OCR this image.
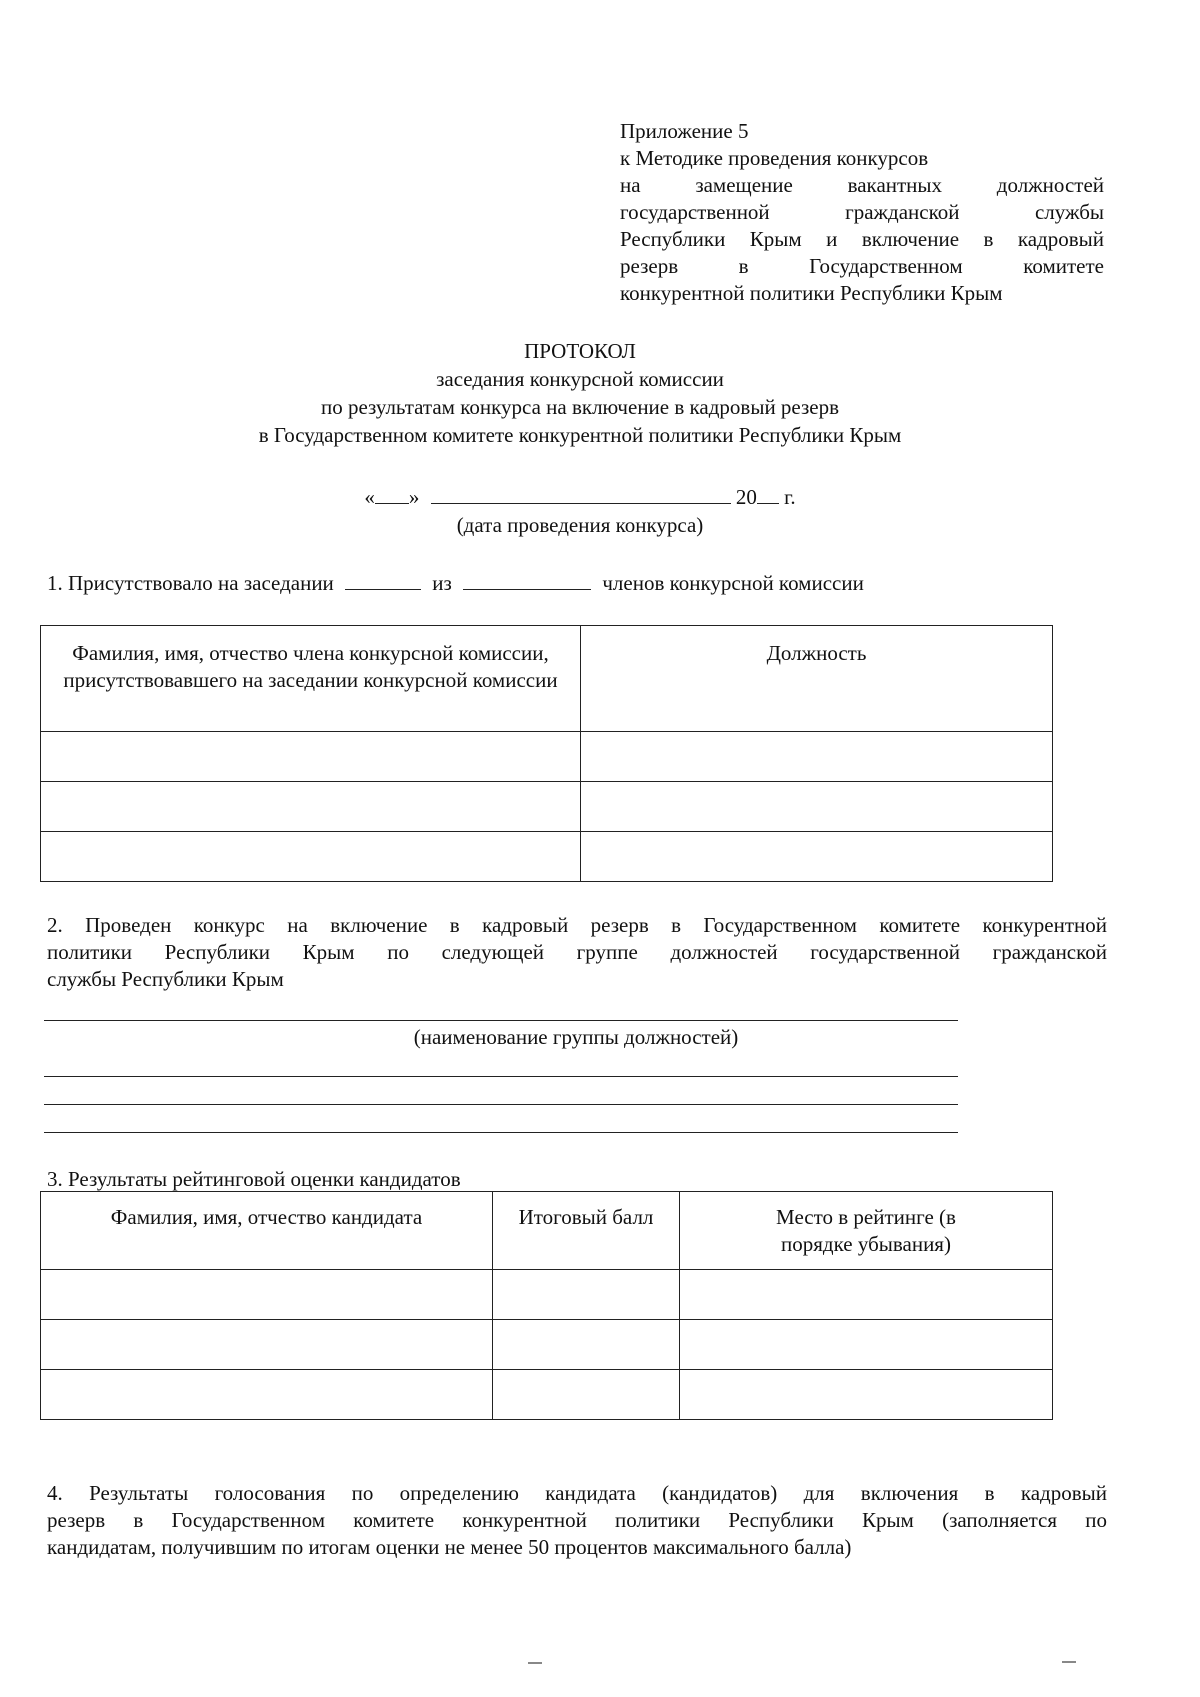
Приложение 5
к Методике проведения конкурсов
на замещение вакантных должностей
государственной гражданской службы
Республики Крым и включение в кадровый
резерв в Государственном комитете
конкурентной политики Республики Крым
ПРОТОКОЛ
заседания конкурсной комиссии
по результатам конкурса на включение в кадровый резерв
в Государственном комитете конкурентной политики Республики Крым
« »	20 г.
(дата проведения конкурса)
1. Присутствовало на заседании	из	членов конкурсной комиссии
Фамилия, имя, отчество члена конкурсной комиссии, присутствовавшего на заседании конкурсной комиссии	Должность

2. Проведен конкурс на включение в кадровый резерв в Государственном комитете конкурентной
политики Республики Крым по следующей группе должностей государственной гражданской
службы Республики Крым
(наименование группы должностей)
3. Результаты рейтинговой оценки кандидатов
Фамилия, имя, отчество кандидата	Итоговый балл	Место в рейтинге (в порядке убывания)

4. Результаты голосования по определению кандидата (кандидатов) для включения в кадровый
резерв в Государственном комитете конкурентной политики Республики Крым (заполняется по
кандидатам, получившим по итогам оценки не менее 50 процентов максимального балла)
